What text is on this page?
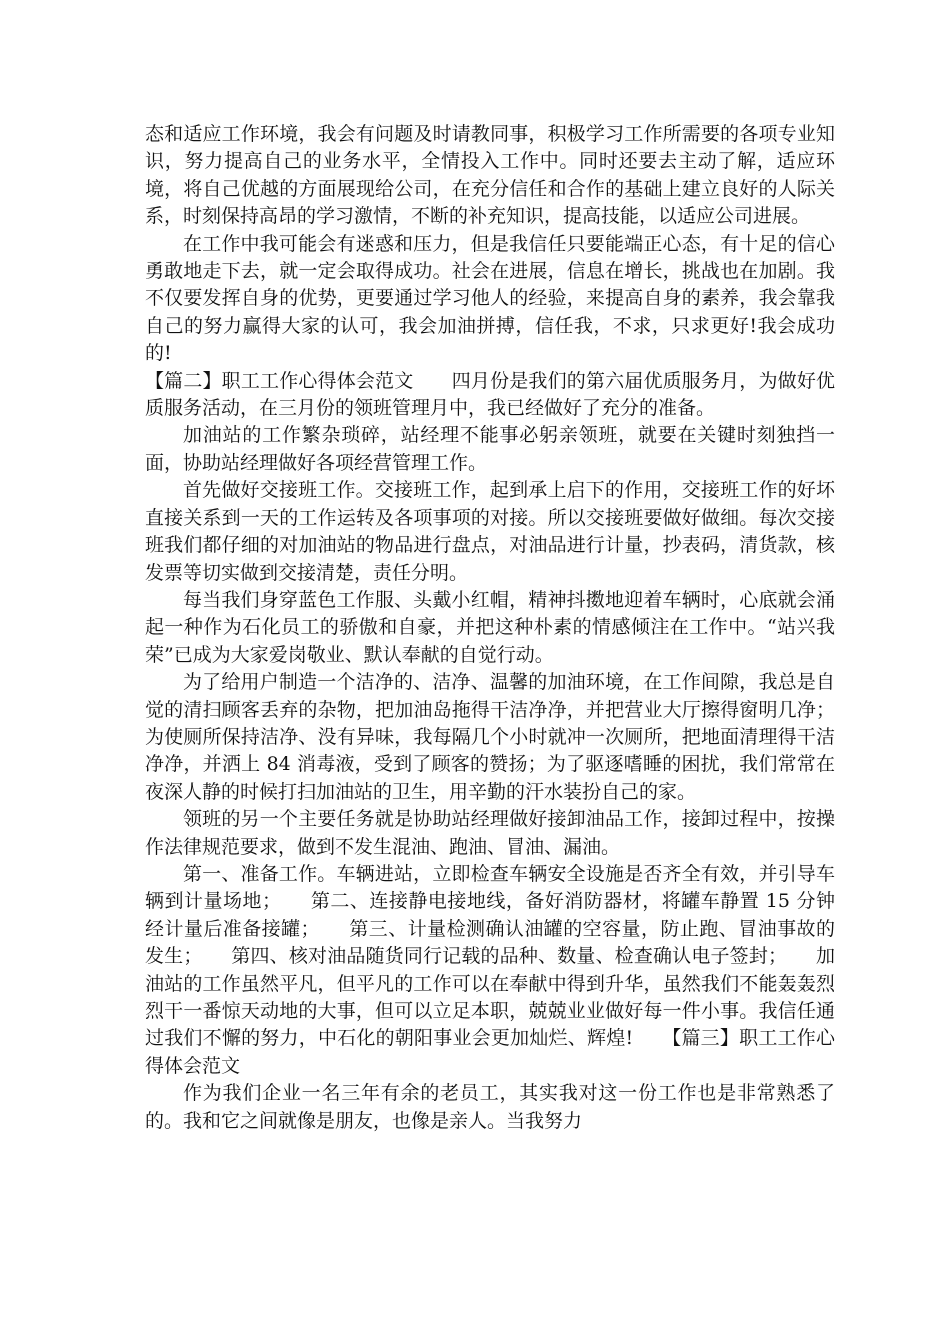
态和适应工作环境，我会有问题及时请教同事，积极学习工作所需要的各项专业知识，努力提高自己的业务水平，全情投入工作中。同时还要去主动了解，适应环境，将自己优越的方面展现给公司，在充分信任和合作的基础上建立良好的人际关系，时刻保持高昂的学习激情，不断的补充知识，提高技能，以适应公司进展。

在工作中我可能会有迷惑和压力，但是我信任只要能端正心态，有十足的信心勇敢地走下去，就一定会取得成功。社会在进展，信息在增长，挑战也在加剧。我不仅要发挥自身的优势，更要通过学习他人的经验，来提高自身的素养，我会靠我自己的努力赢得大家的认可，我会加油拼搏，信任我，不求，只求更好!我会成功的!

【篇二】职工工作心得体会范文　　四月份是我们的第六届优质服务月，为做好优质服务活动，在三月份的领班管理月中，我已经做好了充分的准备。

加油站的工作繁杂琐碎，站经理不能事必躬亲领班，就要在关键时刻独挡一面，协助站经理做好各项经营管理工作。

首先做好交接班工作。交接班工作，起到承上启下的作用，交接班工作的好坏直接关系到一天的工作运转及各项事项的对接。所以交接班要做好做细。每次交接班我们都仔细的对加油站的物品进行盘点，对油品进行计量，抄表码，清货款，核发票等切实做到交接清楚，责任分明。

每当我们身穿蓝色工作服、头戴小红帽，精神抖擞地迎着车辆时，心底就会涌起一种作为石化员工的骄傲和自豪，并把这种朴素的情感倾注在工作中。“站兴我荣”已成为大家爱岗敬业、默认奉献的自觉行动。

为了给用户制造一个洁净的、洁净、温馨的加油环境，在工作间隙，我总是自觉的清扫顾客丢弃的杂物，把加油岛拖得干洁净净，并把营业大厅擦得窗明几净；为使厕所保持洁净、没有异味，我每隔几个小时就冲一次厕所，把地面清理得干洁净净，并洒上 84 消毒液，受到了顾客的赞扬；为了驱逐嗜睡的困扰，我们常常在夜深人静的时候打扫加油站的卫生，用辛勤的汗水装扮自己的家。

领班的另一个主要任务就是协助站经理做好接卸油品工作，接卸过程中，按操作法律规范要求，做到不发生混油、跑油、冒油、漏油。

第一、准备工作。车辆进站，立即检查车辆安全设施是否齐全有效，并引导车辆到计量场地；　　第二、连接静电接地线，备好消防器材，将罐车静置 15 分钟经计量后准备接罐；　　第三、计量检测确认油罐的空容量，防止跑、冒油事故的发生；　　第四、核对油品随货同行记载的品种、数量、检查确认电子签封；　　加油站的工作虽然平凡，但平凡的工作可以在奉献中得到升华，虽然我们不能轰轰烈烈干一番惊天动地的大事，但可以立足本职，兢兢业业做好每一件小事。我信任通过我们不懈的努力，中石化的朝阳事业会更加灿烂、辉煌!　　【篇三】职工工作心得体会范文

作为我们企业一名三年有余的老员工，其实我对这一份工作也是非常熟悉了的。我和它之间就像是朋友，也像是亲人。当我努力
